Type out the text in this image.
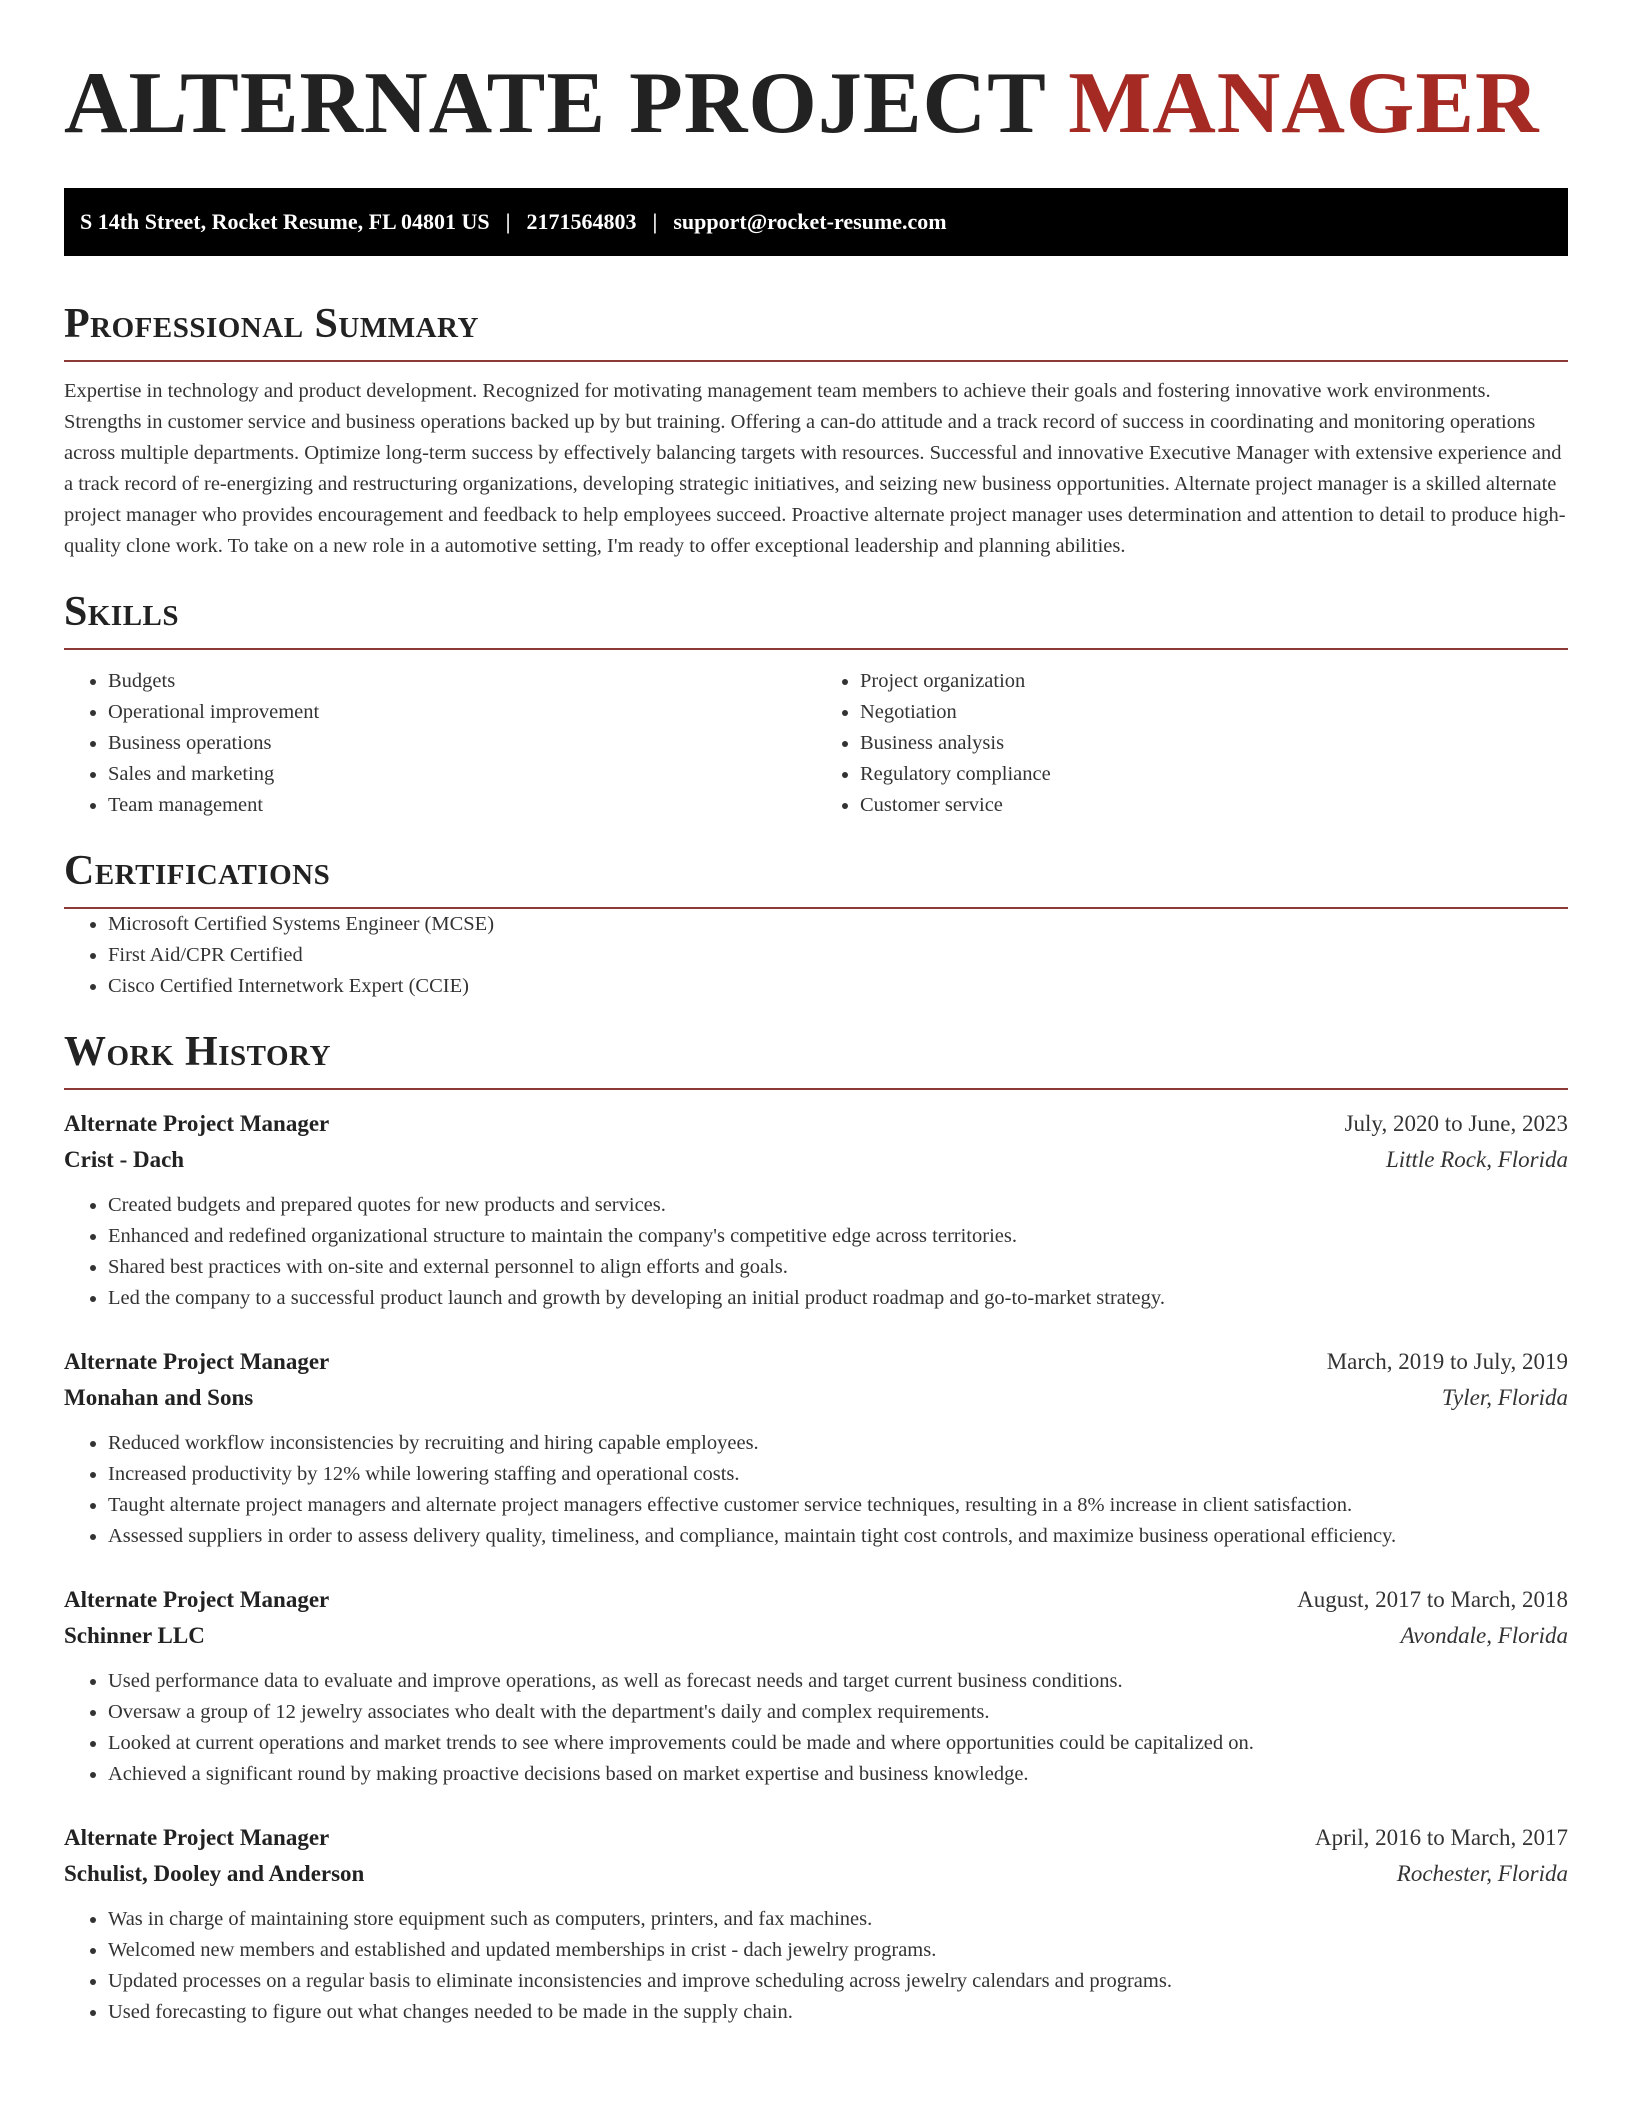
ALTERNATE PROJECT MANAGER
S 14th Street, Rocket Resume, FL 04801 US | 2171564803 | support@rocket-resume.com
Professional Summary

Expertise in technology and product development. Recognized for motivating management team members to achieve their goals and fostering innovative work environments. Strengths in customer service and business operations backed up by but training. Offering a can-do attitude and a track record of success in coordinating and monitoring operations across multiple departments. Optimize long-term success by effectively balancing targets with resources. Successful and innovative Executive Manager with extensive experience and a track record of re-energizing and restructuring organizations, developing strategic initiatives, and seizing new business opportunities. Alternate project manager is a skilled alternate project manager who provides encouragement and feedback to help employees succeed. Proactive alternate project manager uses determination and attention to detail to produce high-quality clone work. To take on a new role in a automotive setting, I'm ready to offer exceptional leadership and planning abilities.

Skills
• Budgets
• Operational improvement
• Business operations
• Sales and marketing
• Team management
• Project organization
• Negotiation
• Business analysis
• Regulatory compliance
• Customer service
Certifications
• Microsoft Certified Systems Engineer (MCSE)
• First Aid/CPR Certified
• Cisco Certified Internetwork Expert (CCIE)
Work History
Alternate Project Manager	July, 2020 to June, 2023
Crist - Dach	Little Rock, Florida
• Created budgets and prepared quotes for new products and services.
• Enhanced and redefined organizational structure to maintain the company's competitive edge across territories.
• Shared best practices with on-site and external personnel to align efforts and goals.
• Led the company to a successful product launch and growth by developing an initial product roadmap and go-to-market strategy.
Alternate Project Manager	March, 2019 to July, 2019
Monahan and Sons	Tyler, Florida
• Reduced workflow inconsistencies by recruiting and hiring capable employees.
• Increased productivity by 12% while lowering staffing and operational costs.
• Taught alternate project managers and alternate project managers effective customer service techniques, resulting in a 8% increase in client satisfaction.
• Assessed suppliers in order to assess delivery quality, timeliness, and compliance, maintain tight cost controls, and maximize business operational efficiency.
Alternate Project Manager	August, 2017 to March, 2018
Schinner LLC	Avondale, Florida
• Used performance data to evaluate and improve operations, as well as forecast needs and target current business conditions.
• Oversaw a group of 12 jewelry associates who dealt with the department's daily and complex requirements.
• Looked at current operations and market trends to see where improvements could be made and where opportunities could be capitalized on.
• Achieved a significant round by making proactive decisions based on market expertise and business knowledge.
Alternate Project Manager	April, 2016 to March, 2017
Schulist, Dooley and Anderson	Rochester, Florida
• Was in charge of maintaining store equipment such as computers, printers, and fax machines.
• Welcomed new members and established and updated memberships in crist - dach jewelry programs.
• Updated processes on a regular basis to eliminate inconsistencies and improve scheduling across jewelry calendars and programs.
• Used forecasting to figure out what changes needed to be made in the supply chain.
